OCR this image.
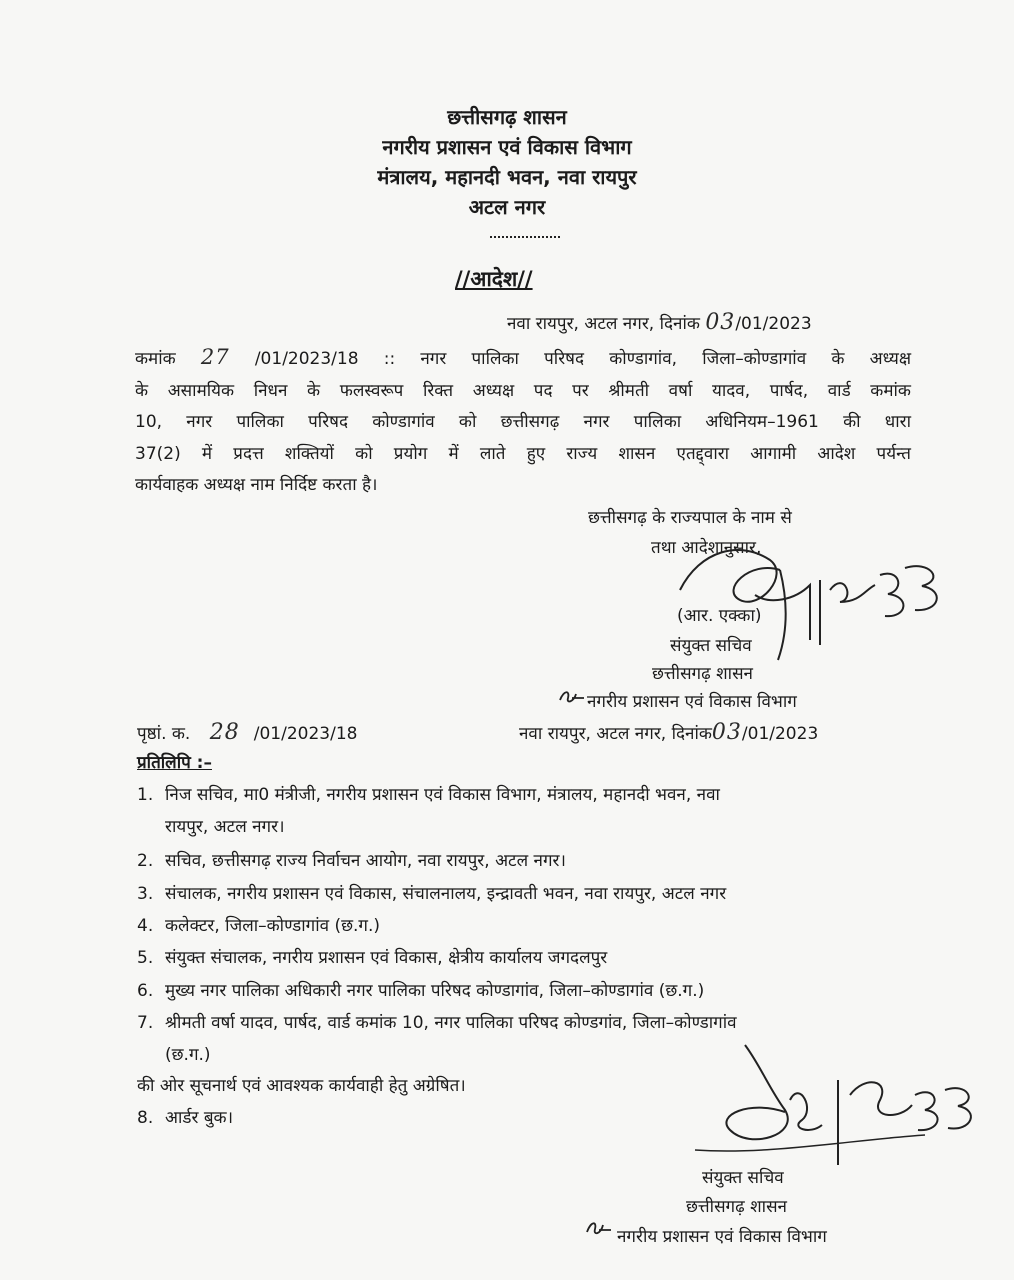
छत्तीसगढ़ शासन
नगरीय प्रशासन एवं विकास विभाग
मंत्रालय, महानदी भवन, नवा रायपुर
अटल नगर
//आदेश//
नवा रायपुर, अटल नगर, दिनांक 03/01/2023
कमांक 27 /01/2023/18 :: नगर पालिका परिषद कोण्डागांव, जिला–कोण्डागांव के अध्यक्ष
के असामयिक निधन के फलस्वरूप रिक्त अध्यक्ष पद पर श्रीमती वर्षा यादव, पार्षद, वार्ड कमांक
10, नगर पालिका परिषद कोण्डागांव को छत्तीसगढ़ नगर पालिका अधिनियम–1961 की धारा
37(2) में प्रदत्त शक्तियों को प्रयोग में लाते हुए राज्य शासन एतद्द्वारा आगामी आदेश पर्यन्त
कार्यवाहक अध्यक्ष नाम निर्दिष्ट करता है।
छत्तीसगढ़ के राज्यपाल के नाम से
तथा आदेशानुसार,
(आर. एक्का)
संयुक्त सचिव
छत्तीसगढ़ शासन
नगरीय प्रशासन एवं विकास विभाग
पृष्ठां. क. 28 /01/2023/18	नवा रायपुर, अटल नगर, दिनांक03/01/2023
प्रतिलिपि :–
1. निज सचिव, मा0 मंत्रीजी, नगरीय प्रशासन एवं विकास विभाग, मंत्रालय, महानदी भवन, नवा
रायपुर, अटल नगर।
2. सचिव, छत्तीसगढ़ राज्य निर्वाचन आयोग, नवा रायपुर, अटल नगर।
3. संचालक, नगरीय प्रशासन एवं विकास, संचालनालय, इन्द्रावती भवन, नवा रायपुर, अटल नगर
4. कलेक्टर, जिला–कोण्डागांव (छ.ग.)
5. संयुक्त संचालक, नगरीय प्रशासन एवं विकास, क्षेत्रीय कार्यालय जगदलपुर
6. मुख्य नगर पालिका अधिकारी नगर पालिका परिषद कोण्डागांव, जिला–कोण्डागांव (छ.ग.)
7. श्रीमती वर्षा यादव, पार्षद, वार्ड कमांक 10, नगर पालिका परिषद कोण्डगांव, जिला–कोण्डागांव
(छ.ग.)
की ओर सूचनार्थ एवं आवश्यक कार्यवाही हेतु अग्रेषित।
8. आर्डर बुक।
संयुक्त सचिव
छत्तीसगढ़ शासन
नगरीय प्रशासन एवं विकास विभाग
